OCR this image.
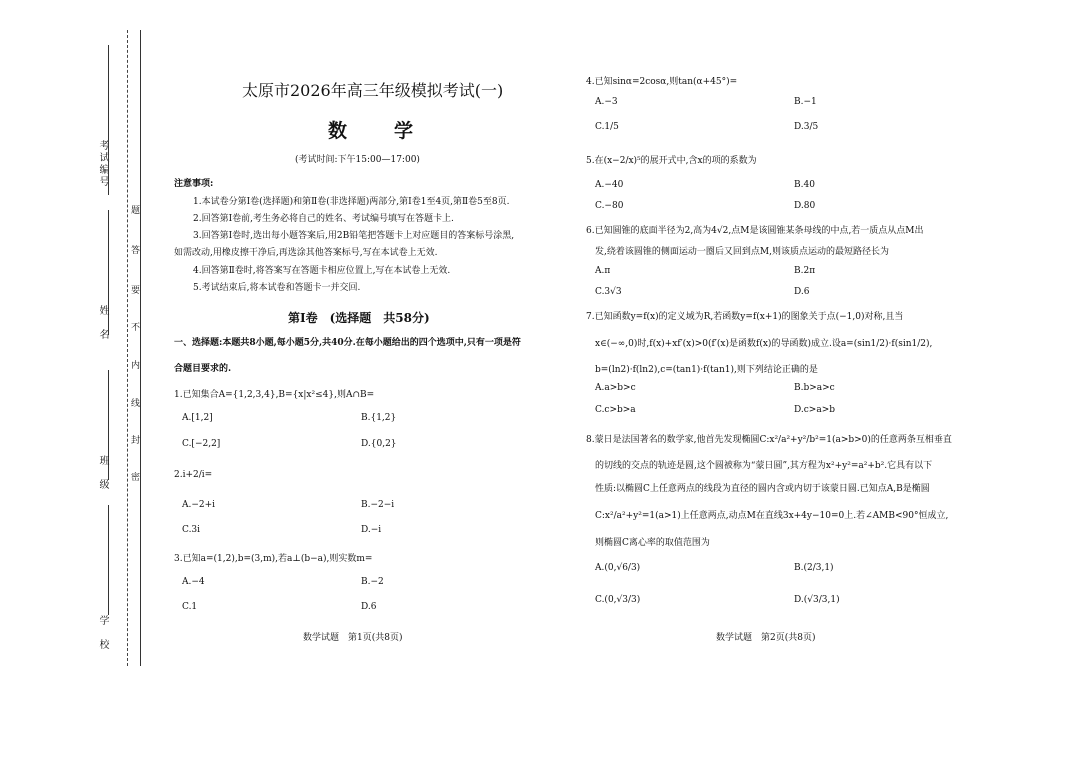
考试编号
姓　名
班　级
学　校
题
答
要
不
内
线
封
密
太原市2026年高三年级模拟考试(一)
数　学
(考试时间:下午15:00—17:00)
注意事项:
1.本试卷分第Ⅰ卷(选择题)和第Ⅱ卷(非选择题)两部分,第Ⅰ卷1至4页,第Ⅱ卷5至8页.
2.回答第Ⅰ卷前,考生务必将自己的姓名、考试编号填写在答题卡上.
3.回答第Ⅰ卷时,选出每小题答案后,用2B铅笔把答题卡上对应题目的答案标号涂黑,
如需改动,用橡皮擦干净后,再选涂其他答案标号,写在本试卷上无效.
4.回答第Ⅱ卷时,将答案写在答题卡相应位置上,写在本试卷上无效.
5.考试结束后,将本试卷和答题卡一并交回.
第Ⅰ卷　(选择题　共58分)
一、选择题:本题共8小题,每小题5分,共40分.在每小题给出的四个选项中,只有一项是符
合题目要求的.
1.已知集合A={1,2,3,4},B={x|x²≤4},则A∩B=
A.[1,2]	B.{1,2}
C.[−2,2]	D.{0,2}
2.i+2/i=
A.−2+i	B.−2−i
C.3i	D.−i
3.已知a=(1,2),b=(3,m),若a⊥(b−a),则实数m=
A.−4	B.−2
C.1	D.6
数学试题　第1页(共8页)
4.已知sinα=2cosα,则tan(α+45°)=
A.−3	B.−1
C.1/5	D.3/5
5.在(x−2/x)⁵的展开式中,含x的项的系数为
A.−40	B.40
C.−80	D.80
6.已知圆锥的底面半径为2,高为4√2,点M是该圆锥某条母线的中点,若一质点从点M出
发,绕着该圆锥的侧面运动一圈后又回到点M,则该质点运动的最短路径长为
A.π	B.2π
C.3√3	D.6
7.已知函数y=f(x)的定义域为R,若函数y=f(x+1)的图象关于点(−1,0)对称,且当
x∈(−∞,0)时,f(x)+xf′(x)>0(f′(x)是函数f(x)的导函数)成立.设a=(sin1/2)·f(sin1/2),
b=(ln2)·f(ln2),c=(tan1)·f(tan1),则下列结论正确的是
A.a>b>c	B.b>a>c
C.c>b>a	D.c>a>b
8.蒙日是法国著名的数学家,他首先发现椭圆C:x²/a²+y²/b²=1(a>b>0)的任意两条互相垂直
的切线的交点的轨迹是圆,这个圆被称为“蒙日圆”,其方程为x²+y²=a²+b².它具有以下
性质:以椭圆C上任意两点的线段为直径的圆内含或内切于该蒙日圆.已知点A,B是椭圆
C:x²/a²+y²=1(a>1)上任意两点,动点M在直线3x+4y−10=0上.若∠AMB<90°恒成立,
则椭圆C离心率的取值范围为
A.(0,√6/3)	B.(2/3,1)
C.(0,√3/3)	D.(√3/3,1)
数学试题　第2页(共8页)
